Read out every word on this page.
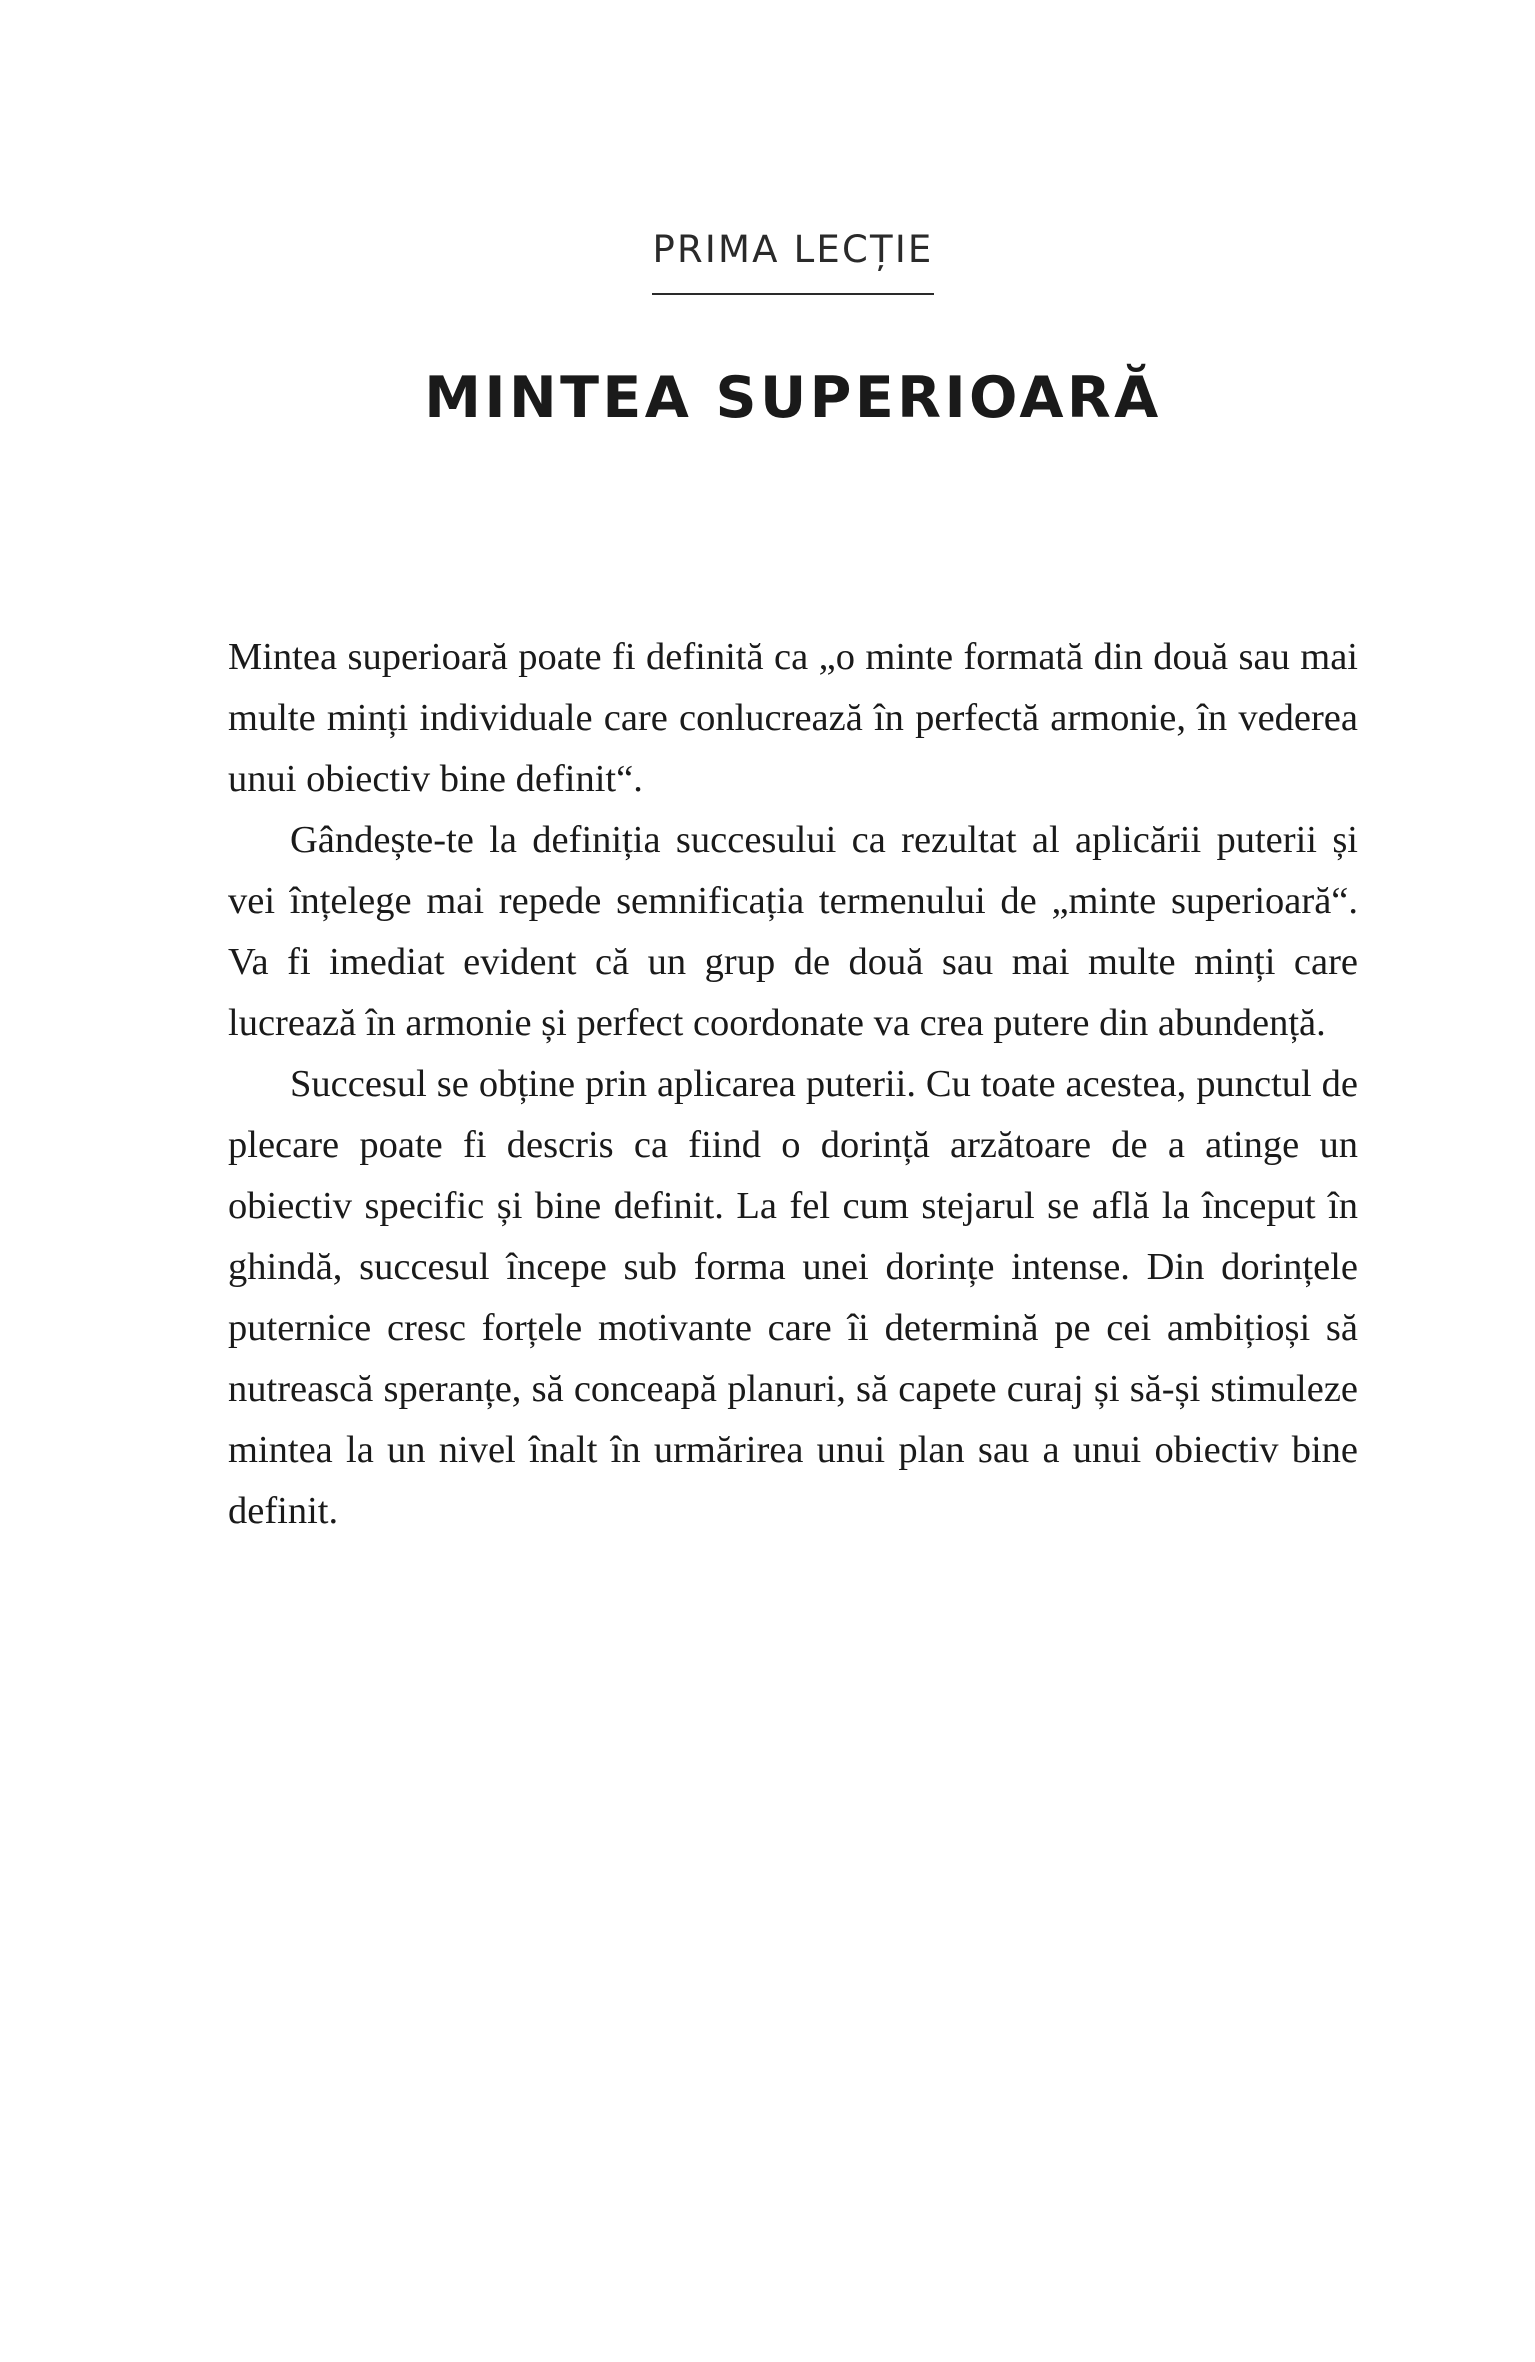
PRIMA LECȚIE
MINTEA SUPERIOARĂ

Mintea superioară poate fi definită ca „o minte formată din două sau mai multe minți individuale care conlucrează în perfectă armonie, în vederea unui obiectiv bine definit“.

Gândește-te la definiția succesului ca rezultat al aplicării puterii și vei înțelege mai repede semnificația termenului de „minte superioară“. Va fi imediat evident că un grup de două sau mai multe minți care lucrează în armonie și perfect coordonate va crea putere din abundență.

Succesul se obține prin aplicarea puterii. Cu toate acestea, punctul de plecare poate fi descris ca fiind o dorință arzătoare de a atinge un obiectiv specific și bine definit. La fel cum stejarul se află la început în ghindă, succesul începe sub forma unei dorințe intense. Din dorințele puternice cresc forțele motivante care îi determină pe cei ambițioși să nutrească speranțe, să conceapă planuri, să capete curaj și să-și stimuleze mintea la un nivel înalt în urmărirea unui plan sau a unui obiectiv bine definit.
